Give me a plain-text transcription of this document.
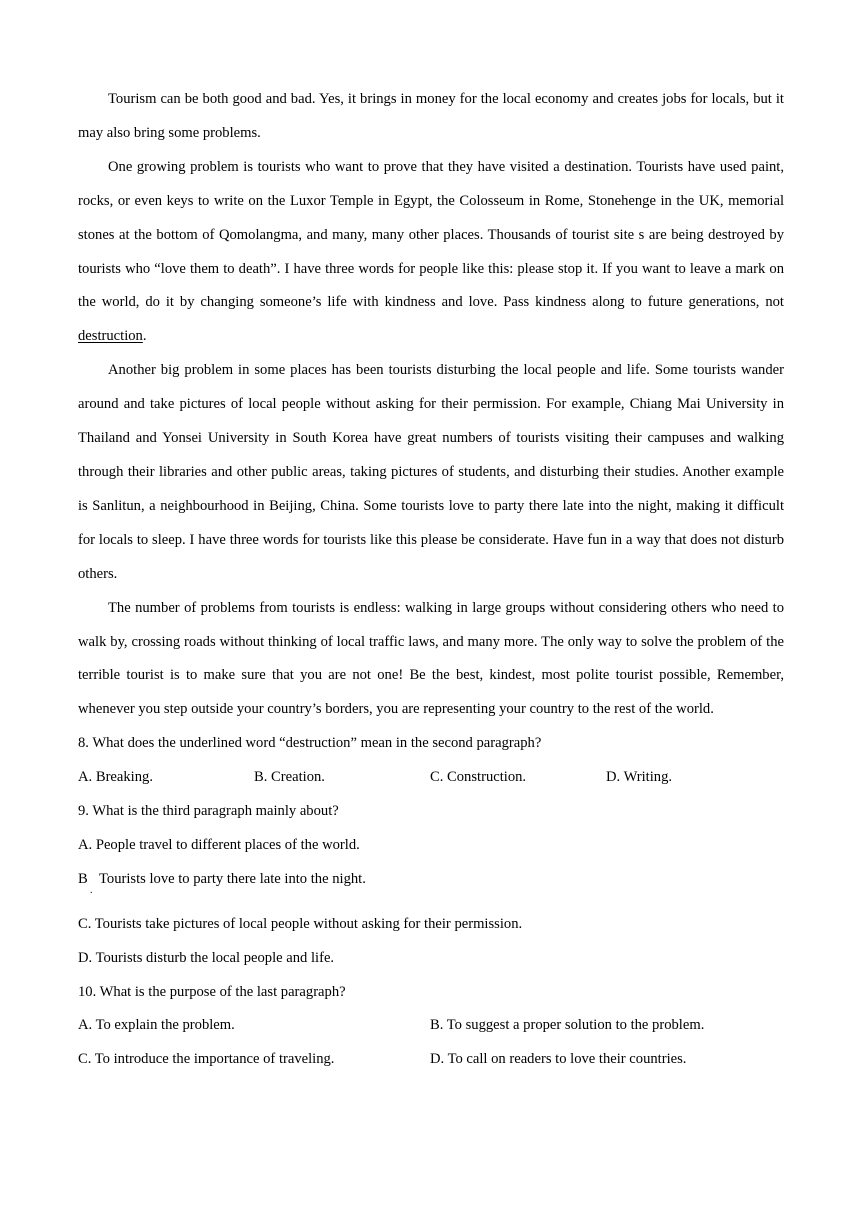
Tourism can be both good and bad. Yes, it brings in money for the local economy and creates jobs for locals, but it may also bring some problems.

One growing problem is tourists who want to prove that they have visited a destination. Tourists have used paint, rocks, or even keys to write on the Luxor Temple in Egypt, the Colosseum in Rome, Stonehenge in the UK, memorial stones at the bottom of Qomolangma, and many, many other places. Thousands of tourist site s are being destroyed by tourists who “love them to death”. I have three words for people like this: please stop it. If you want to leave a mark on the world, do it by changing someone’s life with kindness and love. Pass kindness along to future generations, not destruction.

Another big problem in some places has been tourists disturbing the local people and life. Some tourists wander around and take pictures of local people without asking for their permission. For example, Chiang Mai University in Thailand and Yonsei University in South Korea have great numbers of tourists visiting their campuses and walking through their libraries and other public areas, taking pictures of students, and disturbing their studies. Another example is Sanlitun, a neighbourhood in Beijing, China. Some tourists love to party there late into the night, making it difficult for locals to sleep. I have three words for tourists like this please be considerate. Have fun in a way that does not disturb others.

The number of problems from tourists is endless: walking in large groups without considering others who need to walk by, crossing roads without thinking of local traffic laws, and many more. The only way to solve the problem of the terrible tourist is to make sure that you are not one! Be the best, kindest, most polite tourist possible, Remember, whenever you step outside your country’s borders, you are representing your country to the rest of the world.

8. What does the underlined word “destruction” mean in the second paragraph?

A. Breaking.	B. Creation.	C. Construction.	D. Writing.

9. What is the third paragraph mainly about?

A. People travel to different places of the world.

B
.
Tourists love to party there late into the night.

C. Tourists take pictures of local people without asking for their permission.

D. Tourists disturb the local people and life.

10. What is the purpose of the last paragraph?

A. To explain the problem.	B. To suggest a proper solution to the problem.
C. To introduce the importance of traveling.	D. To call on readers to love their countries.
